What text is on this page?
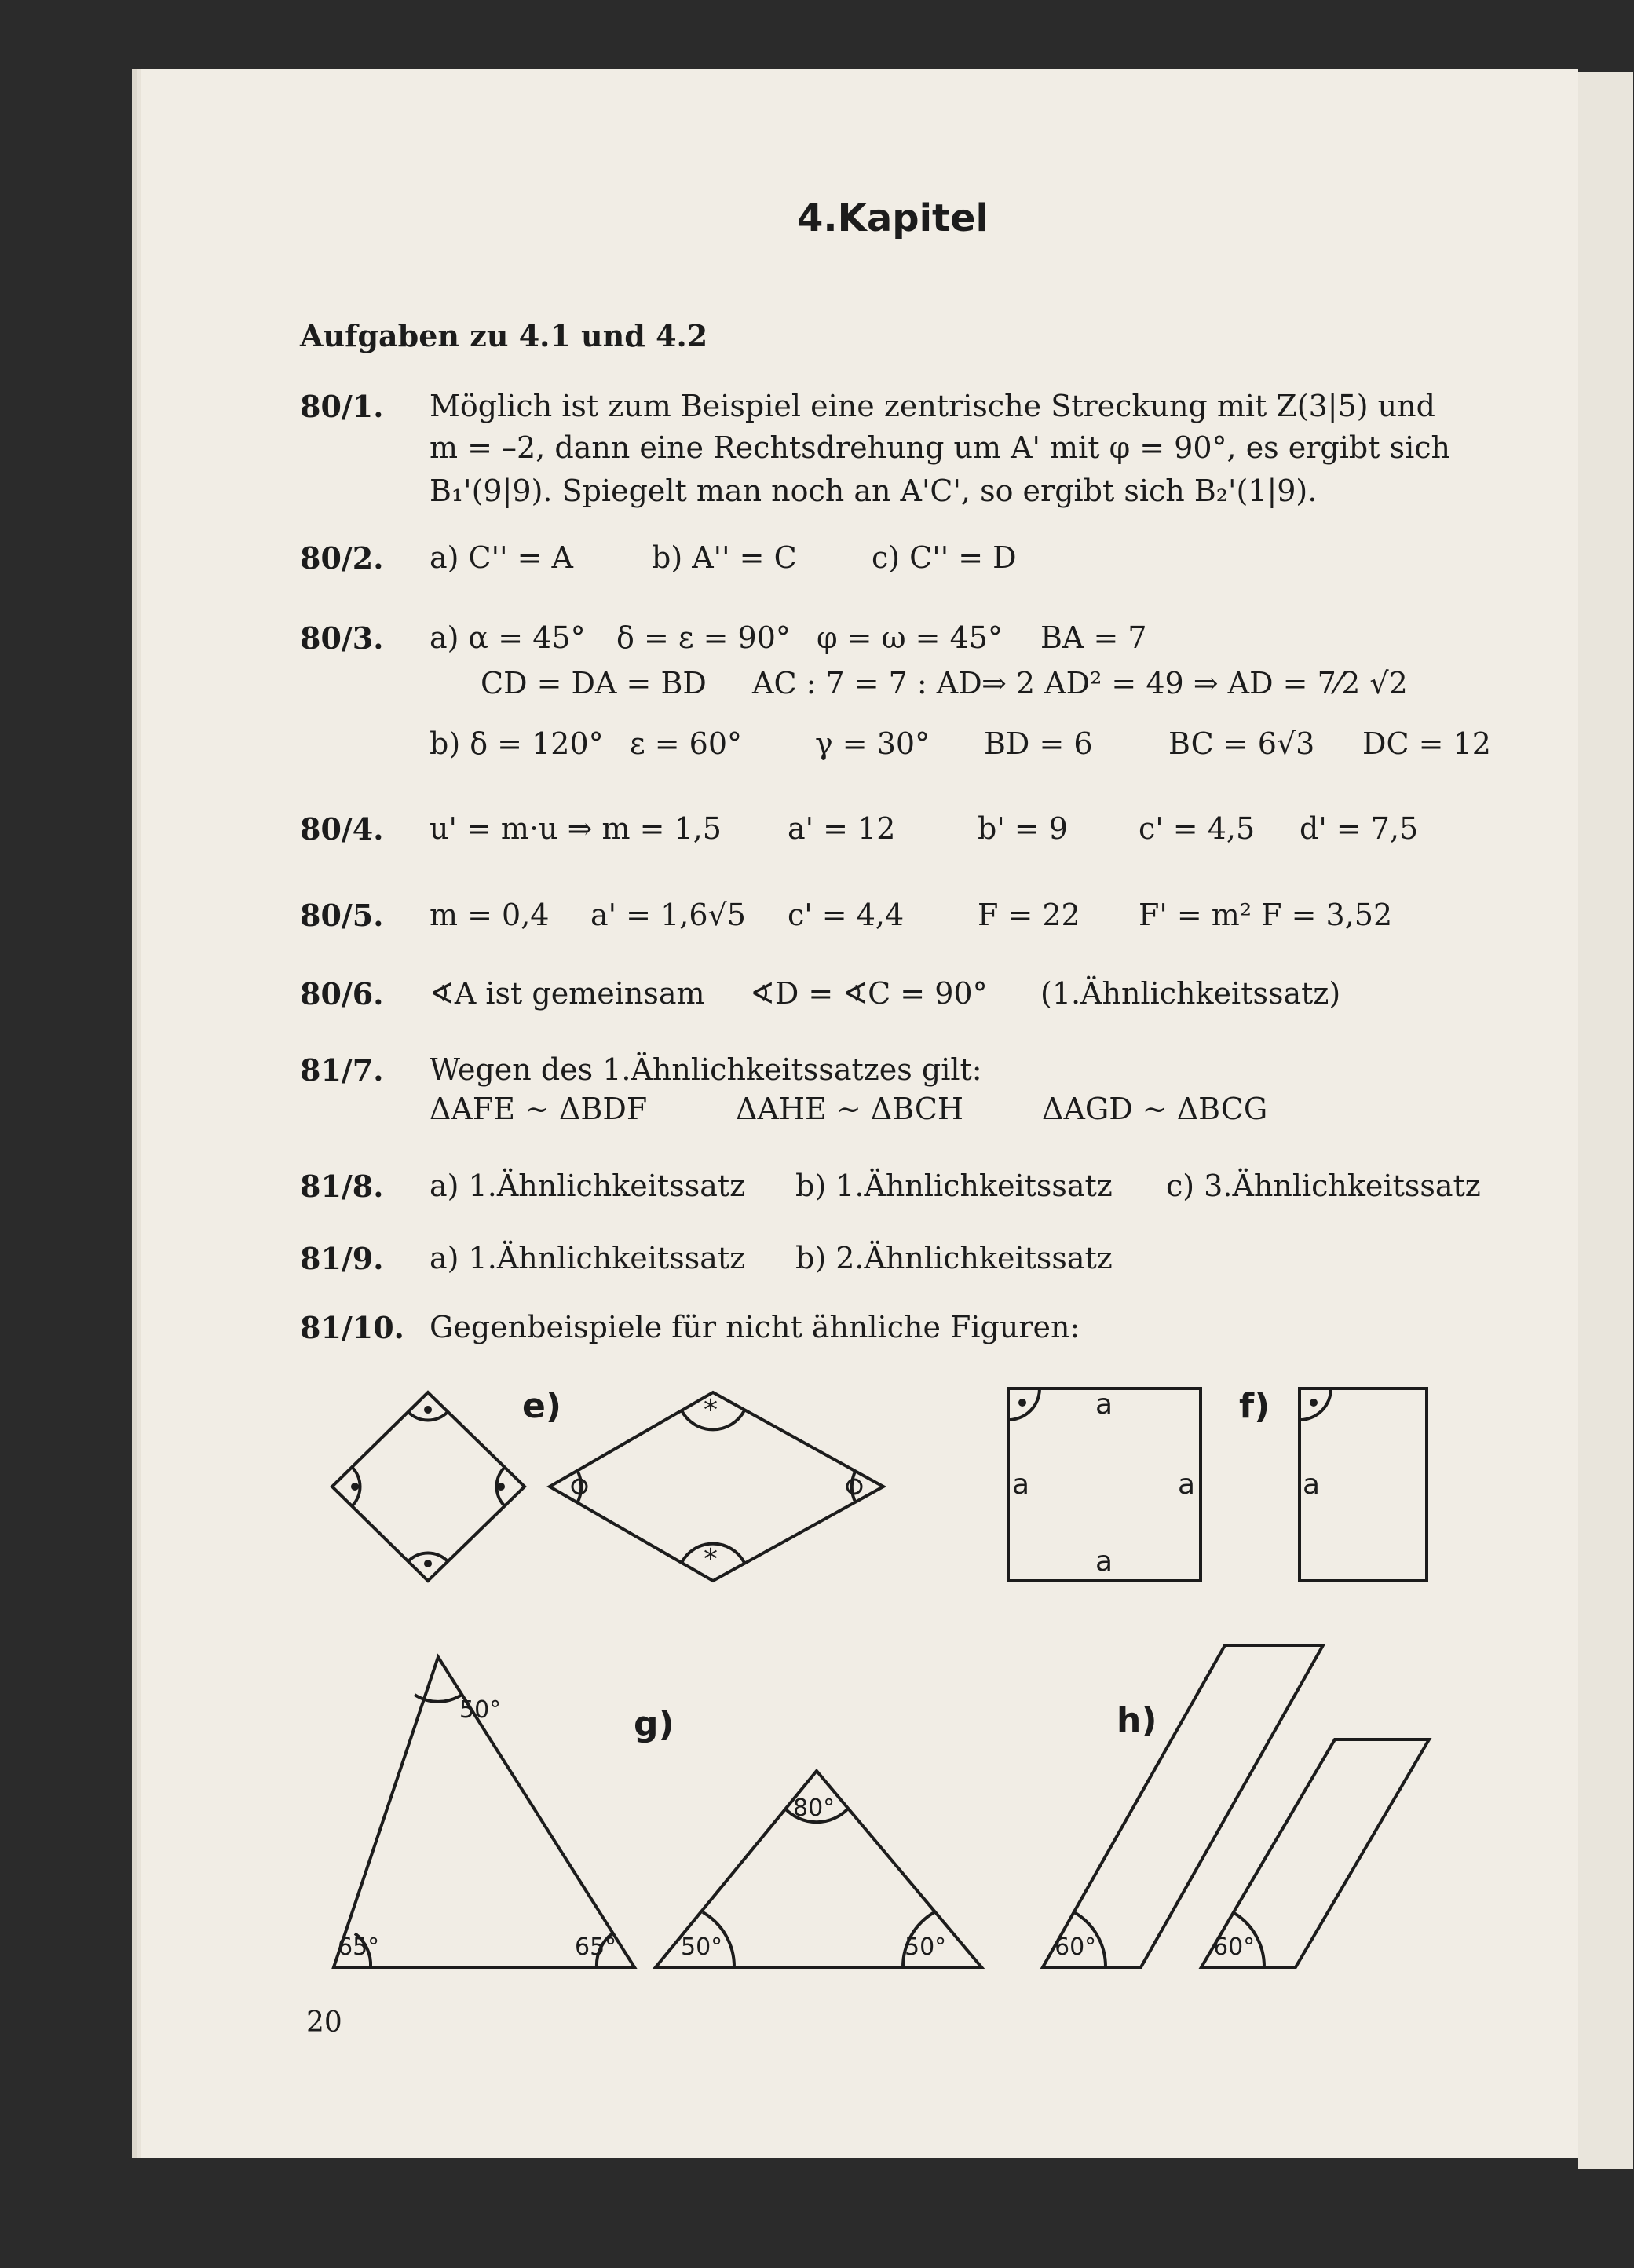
4.Kapitel
Aufgaben zu 4.1 und 4.2
80/1. Möglich ist zum Beispiel eine zentrische Streckung mit Z(3|5) und
m = –2, dann eine Rechtsdrehung um A' mit φ = 90°, es ergibt sich
B₁'(9|9). Spiegelt man noch an A'C', so ergibt sich B₂'(1|9).
80/2. a) C'' = A	b) A'' = C	c) C'' = D
80/3. a) α = 45° δ = ε = 90° φ = ω = 45° BA = 7
CD = DA = BD AC : 7 = 7 : AD ⇒ 2 AD² = 49 ⇒ AD = 7⁄2 √2
b) δ = 120° ε = 60° γ = 30° BD = 6	BC = 6√3 DC = 12
80/4. u' = m·u ⇒ m = 1,5 a' = 12	b' = 9 c' = 4,5 d' = 7,5
80/5. m = 0,4 a' = 1,6√5 c' = 4,4 F = 22 F' = m² F = 3,52
80/6. ∢A ist gemeinsam ∢D = ∢C = 90° (1.Ähnlichkeitssatz)
81/7. Wegen des 1.Ähnlichkeitssatzes gilt:
ΔAFE ~ ΔBDF	ΔAHE ~ ΔBCH	ΔAGD ~ ΔBCG
81/8. a) 1.Ähnlichkeitssatz b) 1.Ähnlichkeitssatz c) 3.Ähnlichkeitssatz
81/9. a) 1.Ähnlichkeitssatz b) 2.Ähnlichkeitssatz
81/10. Gegenbeispiele für nicht ähnliche Figuren:
e)	f)
g)	h)
*
*
a
a	a
a
a
50°
65°	65°
80°
50°	50°	60°	60°
20
